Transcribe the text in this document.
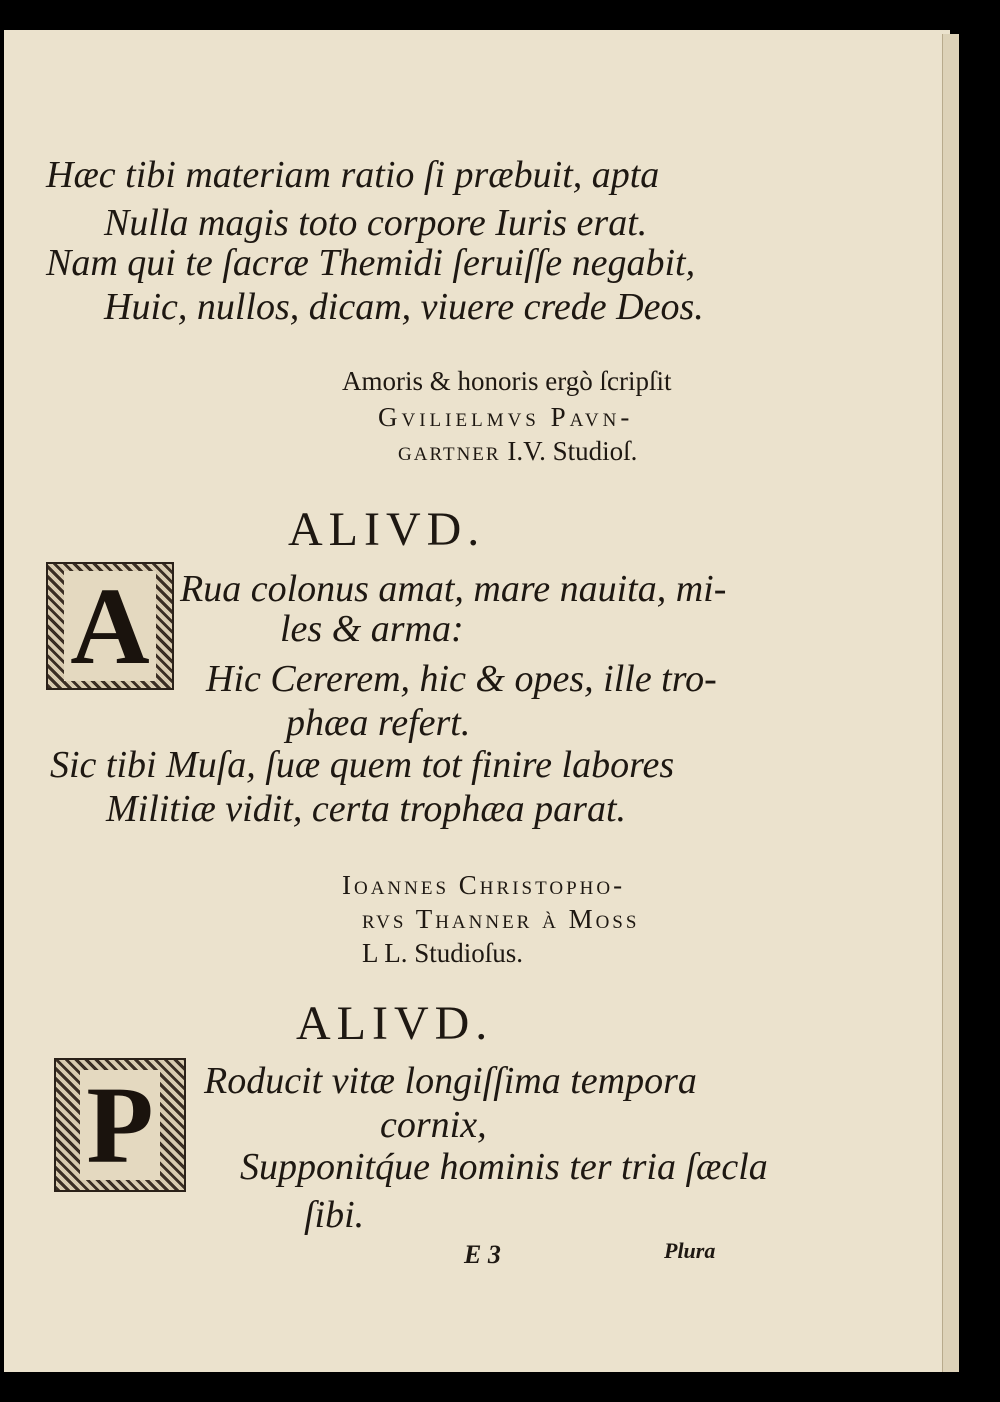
Hæc tibi materiam ratio ſi præbuit, apta

Nulla magis toto corpore Iuris erat.

Nam qui te ſacræ Themidi ſeruiſſe negabit,

Huic, nullos, dicam, viuere crede Deos.

Amoris & honoris ergò ſcripſit

Gvilielmvs Pavn-

gartner I.V. Studioſ.

ALIVD.

A Rua colonus amat, mare nauita, mi-

les & arma:

Hic Cererem, hic & opes, ille tro-

phæa refert.

Sic tibi Muſa, ſuæ quem tot finire labores

Militiæ vidit, certa trophæa parat.

Ioannes Christopho-

rvs Thanner à Moſſ

L L. Studioſus.

ALIVD.

P Roducit vitæ longiſſima tempora

cornix,

Supponitq́ue hominis ter tria ſæcla

ſibi.

E 3	Plura
